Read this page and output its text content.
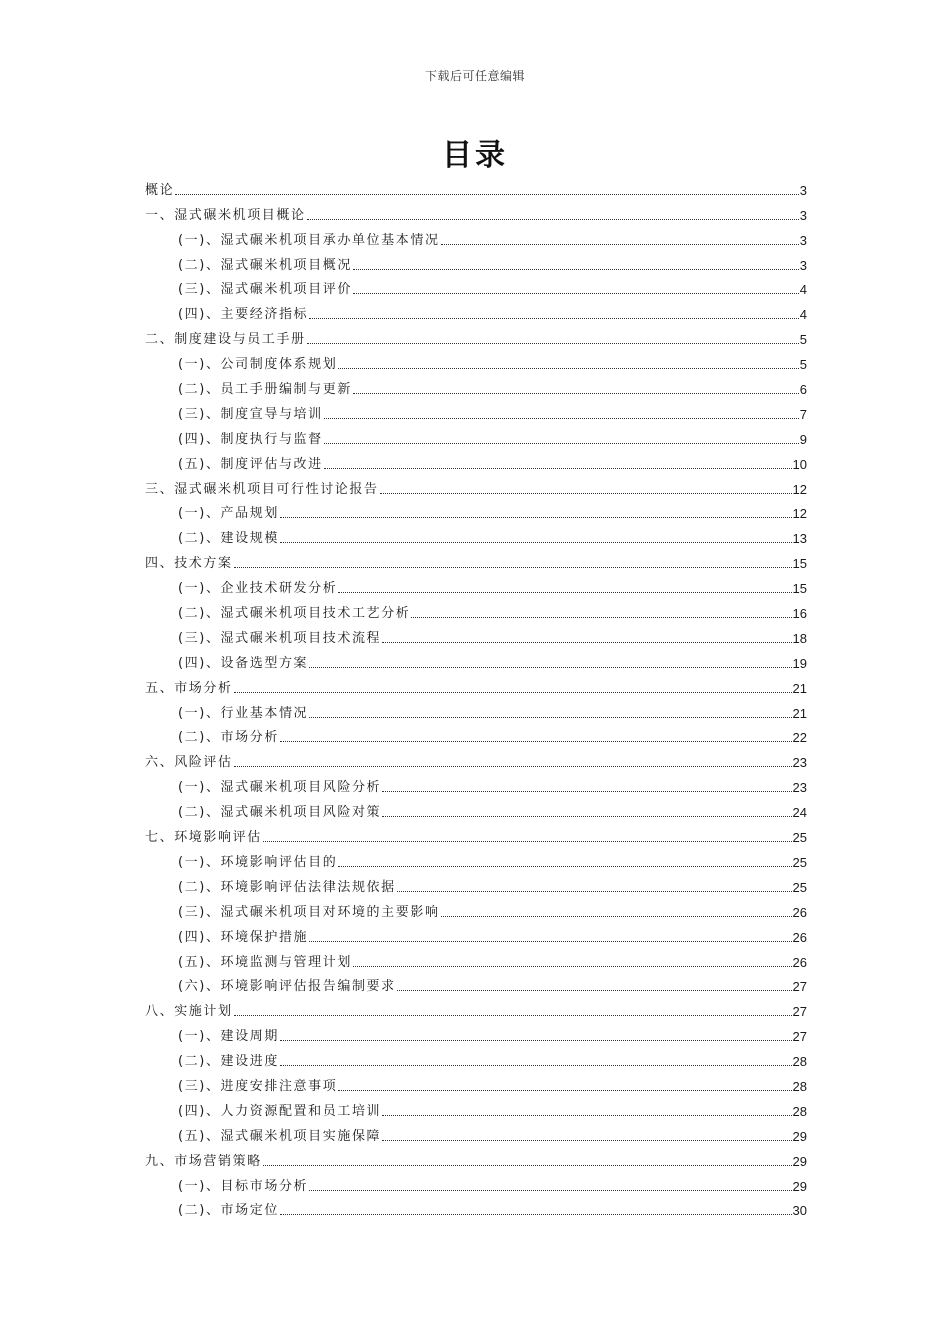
下载后可任意编辑
目录
概论	3
一、湿式碾米机项目概论	3
(一)、湿式碾米机项目承办单位基本情况	3
(二)、湿式碾米机项目概况	3
(三)、湿式碾米机项目评价	4
(四)、主要经济指标	4
二、制度建设与员工手册	5
(一)、公司制度体系规划	5
(二)、员工手册编制与更新	6
(三)、制度宣导与培训	7
(四)、制度执行与监督	9
(五)、制度评估与改进	10
三、湿式碾米机项目可行性讨论报告	12
(一)、产品规划	12
(二)、建设规模	13
四、技术方案	15
(一)、企业技术研发分析	15
(二)、湿式碾米机项目技术工艺分析	16
(三)、湿式碾米机项目技术流程	18
(四)、设备选型方案	19
五、市场分析	21
(一)、行业基本情况	21
(二)、市场分析	22
六、风险评估	23
(一)、湿式碾米机项目风险分析	23
(二)、湿式碾米机项目风险对策	24
七、环境影响评估	25
(一)、环境影响评估目的	25
(二)、环境影响评估法律法规依据	25
(三)、湿式碾米机项目对环境的主要影响	26
(四)、环境保护措施	26
(五)、环境监测与管理计划	26
(六)、环境影响评估报告编制要求	27
八、实施计划	27
(一)、建设周期	27
(二)、建设进度	28
(三)、进度安排注意事项	28
(四)、人力资源配置和员工培训	28
(五)、湿式碾米机项目实施保障	29
九、市场营销策略	29
(一)、目标市场分析	29
(二)、市场定位	30
